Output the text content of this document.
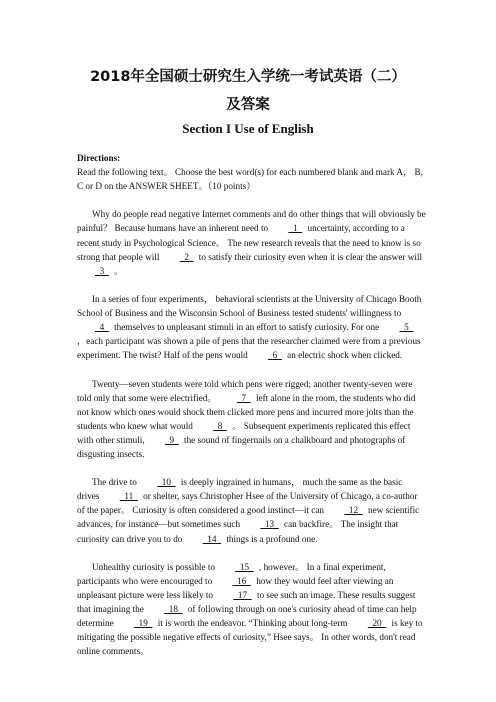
2018年全国硕士研究生入学统一考试英语（二）
及答案
Section I Use of English

Directions:

Read the following text。 Choose the best word(s) for each numbered blank and mark A， B, C or D on the ANSWER SHEET。（10 points）

Why do people read negative Internet comments and do other things that will obviously be painful？ Because humans have an inherent need to   1   uncertainty, according to a recent study in Psychological Science。 The new research reveals that the need to know is so strong that people will   2   to satisfy their curiosity even when it is clear the answer will   3   。

In a series of four experiments， behavioral scientists at the University of Chicago Booth School of Business and the Wisconsin School of Business tested students' willingness to   4   themselves to unpleasant stimuli in an effort to satisfy curiosity. For one   5   ，each participant was shown a pile of pens that the researcher claimed were from a previous experiment. The twist? Half of the pens would   6   an electric shock when clicked.

Twenty—seven students were told which pens were rigged; another twenty-seven were told only that some were electrified。   7   left alone in the room, the students who did not know which ones would shock them clicked more pens and incurred more jolts than the students who knew what would   8   。 Subsequent experiments replicated this effect with other stimuli,   9   the sound of fingernails on a chalkboard and photographs of disgusting insects.

The drive to   10   is deeply ingrained in humans， much the same as the basic drives   11   or shelter, says Christopher Hsee of the University of Chicago, a co-author of the paper。 Curiosity is often considered a good instinct—it can   12   new scientific advances, for instance—but sometimes such   13   can backfire。 The insight that curiosity can drive you to do   14   things is a profound one.

Unhealthy curiosity is possible to   15   , however。 In a final experiment, participants who were encouraged to   16   how they would feel after viewing an unpleasant picture were less likely to   17   to see such an image. These results suggest that imagining the   18   of following through on one's curiosity ahead of time can help determine   19   it is worth the endeavor. “Thinking about long-term   20   is key to mitigating the possible negative effects of curiosity,” Hsee says。 In other words, don't read online comments。
